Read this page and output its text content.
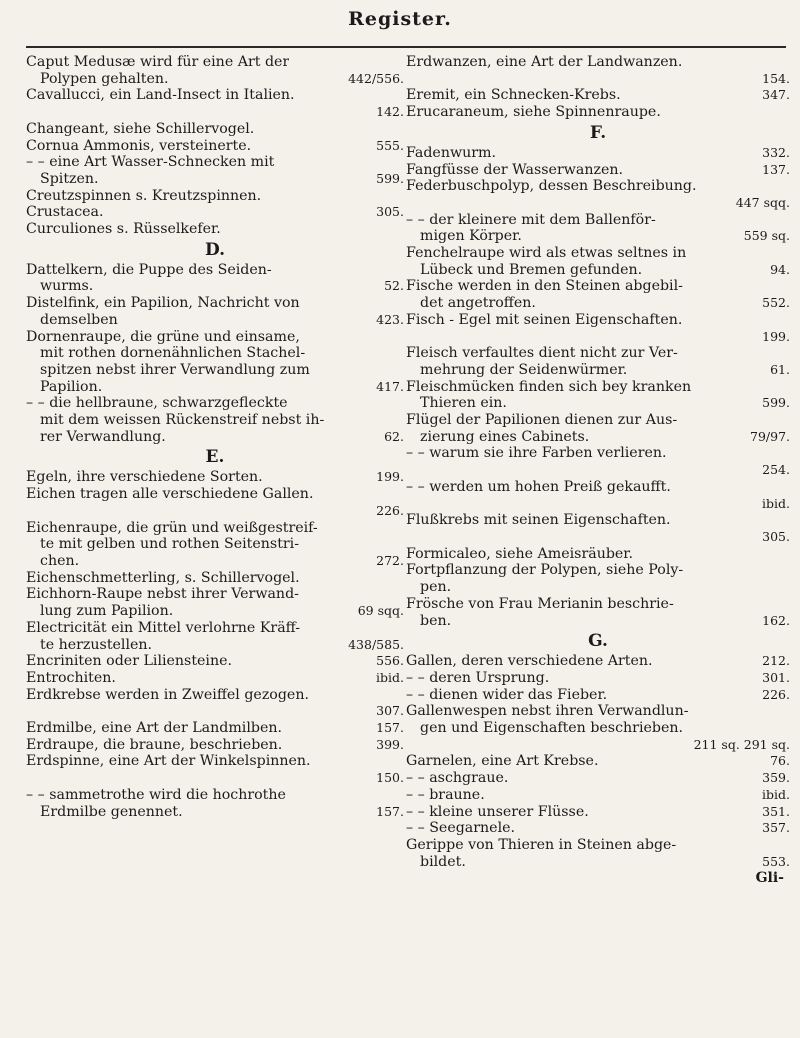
Register.
Caput Medusæ wird für eine Art der
Polypen gehalten.	442/556.
Cavallucci, ein Land-Insect in Italien.
142.
Changeant, siehe Schillervogel.
Cornua Ammonis, versteinerte.	555.
– – eine Art Wasser-Schnecken mit
Spitzen.	599.
Creutzspinnen s. Kreutzspinnen.
Crustacea.	305.
Curculiones s. Rüsselkefer.
D.
Dattelkern, die Puppe des Seiden-
wurms.	52.
Distelfink, ein Papilion, Nachricht von
demselben	423.
Dornenraupe, die grüne und einsame,
mit rothen dornenähnlichen Stachel-
spitzen nebst ihrer Verwandlung zum
Papilion.	417.
– – die hellbraune, schwarzgefleckte
mit dem weissen Rückenstreif nebst ih-
rer Verwandlung.	62.
E.
Egeln, ihre verschiedene Sorten.	199.
Eichen tragen alle verschiedene Gallen.
226.
Eichenraupe, die grün und weißgestreif-
te mit gelben und rothen Seitenstri-
chen.	272.
Eichenschmetterling, s. Schillervogel.
Eichhorn-Raupe nebst ihrer Verwand-
lung zum Papilion.	69 sqq.
Electricität ein Mittel verlohrne Kräff-
te herzustellen.	438/585.
Encriniten oder Liliensteine.	556.
Entrochiten.	ibid.
Erdkrebse werden in Zweiffel gezogen.
307.
Erdmilbe, eine Art der Landmilben.	157.
Erdraupe, die braune, beschrieben.	399.
Erdspinne, eine Art der Winkelspinnen.
150.
– – sammetrothe wird die hochrothe
Erdmilbe genennet.	157.
Erdwanzen, eine Art der Landwanzen.
154.
Eremit, ein Schnecken-Krebs.	347.
Erucaraneum, siehe Spinnenraupe.
F.
Fadenwurm.	332.
Fangfüsse der Wasserwanzen.	137.
Federbuschpolyp, dessen Beschreibung.
447 sqq.
– – der kleinere mit dem Ballenför-
migen Körper.	559 sq.
Fenchelraupe wird als etwas seltnes in
Lübeck und Bremen gefunden.	94.
Fische werden in den Steinen abgebil-
det angetroffen.	552.
Fisch - Egel mit seinen Eigenschaften.
199.
Fleisch verfaultes dient nicht zur Ver-
mehrung der Seidenwürmer.	61.
Fleischmücken finden sich bey kranken
Thieren ein.	599.
Flügel der Papilionen dienen zur Aus-
zierung eines Cabinets.	79/97.
– – warum sie ihre Farben verlieren.
254.
– – werden um hohen Preiß gekaufft.
ibid.
Flußkrebs mit seinen Eigenschaften.
305.
Formicaleo, siehe Ameisräuber.
Fortpflanzung der Polypen, siehe Poly-
pen.
Frösche von Frau Merianin beschrie-
ben.	162.
G.
Gallen, deren verschiedene Arten.	212.
– – deren Ursprung.	301.
– – dienen wider das Fieber.	226.
Gallenwespen nebst ihren Verwandlun-
gen und Eigenschaften beschrieben.
211 sq. 291 sq.
Garnelen, eine Art Krebse.	76.
– – aschgraue.	359.
– – braune.	ibid.
– – kleine unserer Flüsse.	351.
– – Seegarnele.	357.
Gerippe von Thieren in Steinen abge-
bildet.	553.
Gli-
